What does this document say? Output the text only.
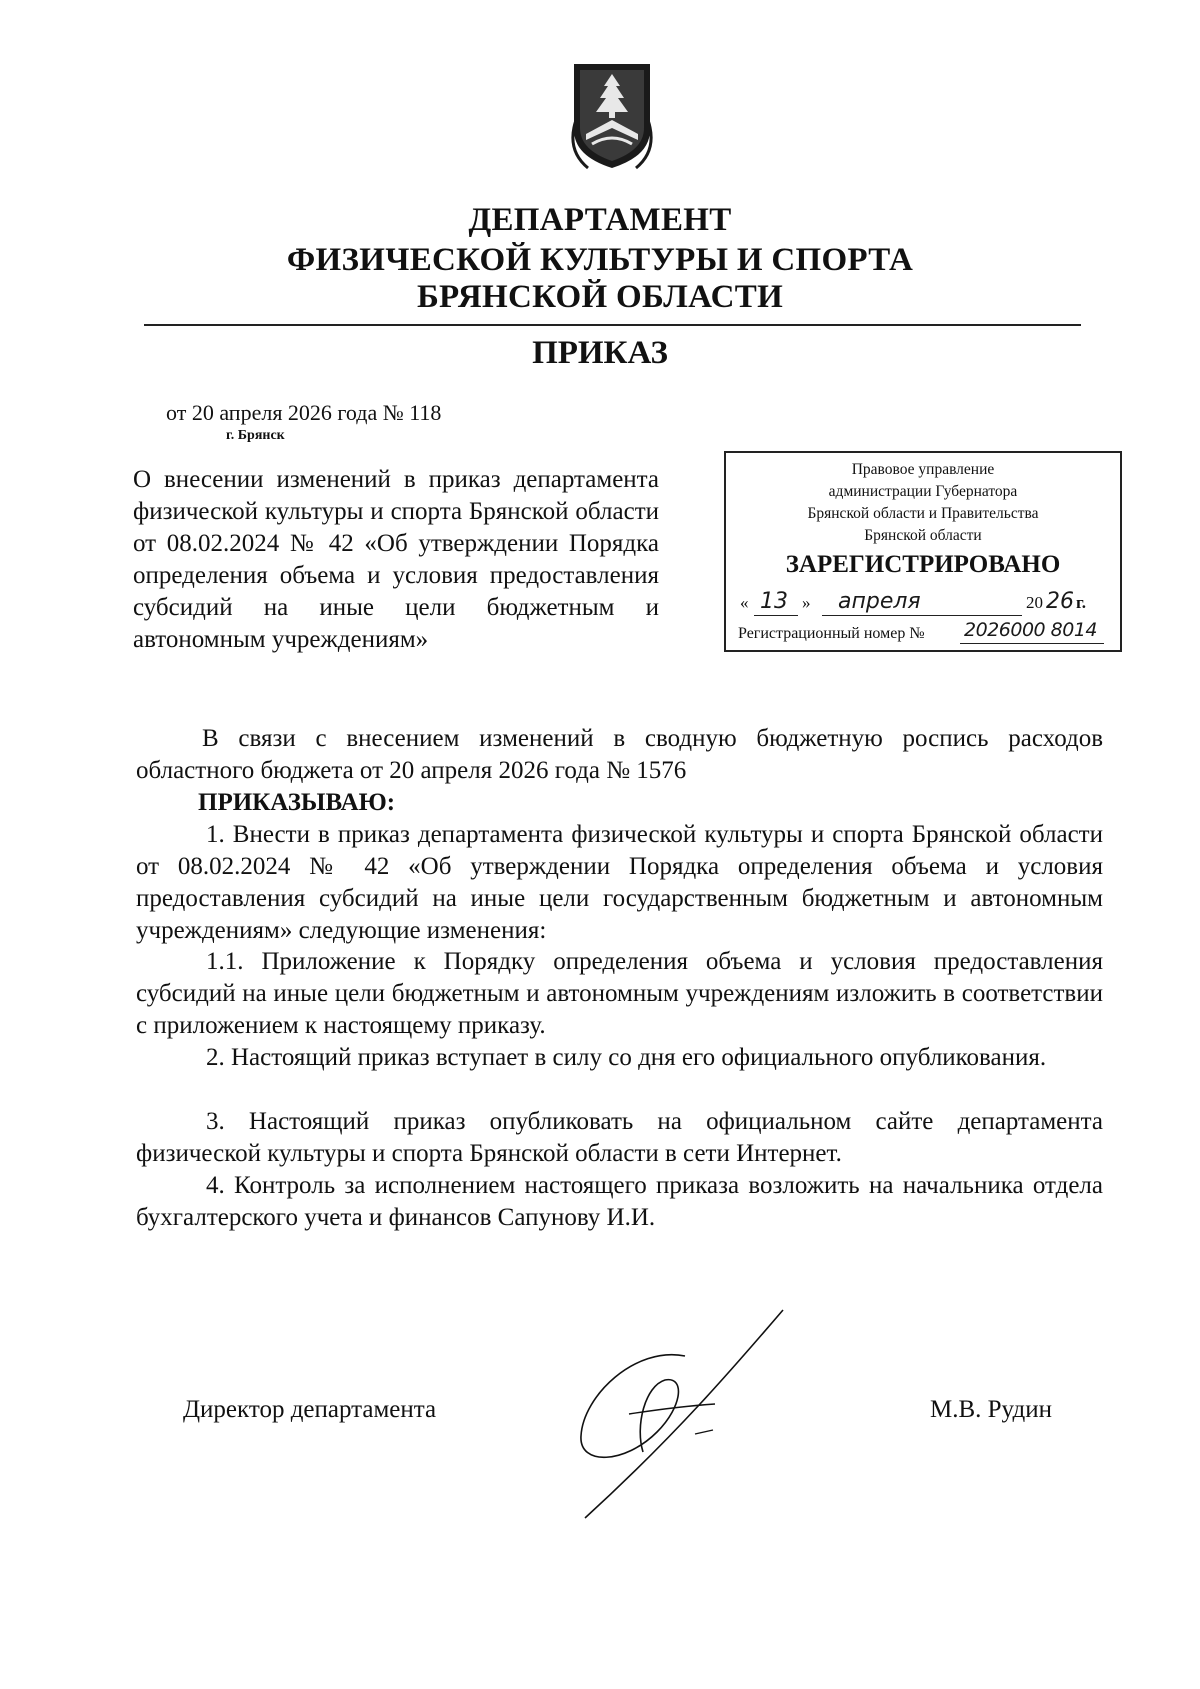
ДЕПАРТАМЕНТ
ФИЗИЧЕСКОЙ КУЛЬТУРЫ И СПОРТА
БРЯНСКОЙ ОБЛАСТИ
ПРИКАЗ
от 20 апреля 2026 года № 118
г. Брянск
О внесении изменений в приказ департамента физической культуры и спорта Брянской области от 08.02.2024 № 42 «Об утверждении Порядка определения объема и условия предоставления субсидий на иные цели бюджетным и автономным учреждениям»
Правовое управление
администрации Губернатора
Брянской области и Правительства
Брянской области
ЗАРЕГИСТРИРОВАНО
« 13 » апреля	20 26 г.
Регистрационный номер № 2026000 8014
В связи с внесением изменений в сводную бюджетную роспись расходов областного бюджета от 20 апреля 2026 года № 1576
ПРИКАЗЫВАЮ:
1. Внести в приказ департамента физической культуры и спорта Брянской области от 08.02.2024 № 42 «Об утверждении Порядка определения объема и условия предоставления субсидий на иные цели государственным бюджетным и автономным учреждениям» следующие изменения:
1.1. Приложение к Порядку определения объема и условия предоставления субсидий на иные цели бюджетным и автономным учреждениям изложить в соответствии с приложением к настоящему приказу.
2. Настоящий приказ вступает в силу со дня его официального опубликования.
3. Настоящий приказ опубликовать на официальном сайте департамента физической культуры и спорта Брянской области в сети Интернет.
4. Контроль за исполнением настоящего приказа возложить на начальника отдела бухгалтерского учета и финансов Сапунову И.И.
Директор департамента	М.В. Рудин
